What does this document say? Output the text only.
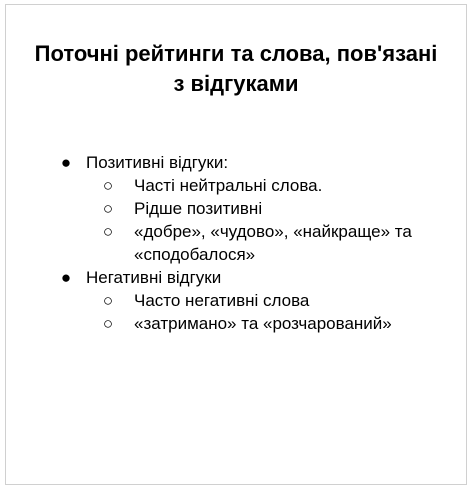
Поточні рейтинги та слова, пов'язані
з відгуками
● Позитивні відгуки:
○ Часті нейтральні слова.
○ Рідше позитивні
○ «добре», «чудово», «найкраще» та «сподобалося»
● Негативні відгуки
○ Часто негативні слова
○ «затримано» та «розчарований»
